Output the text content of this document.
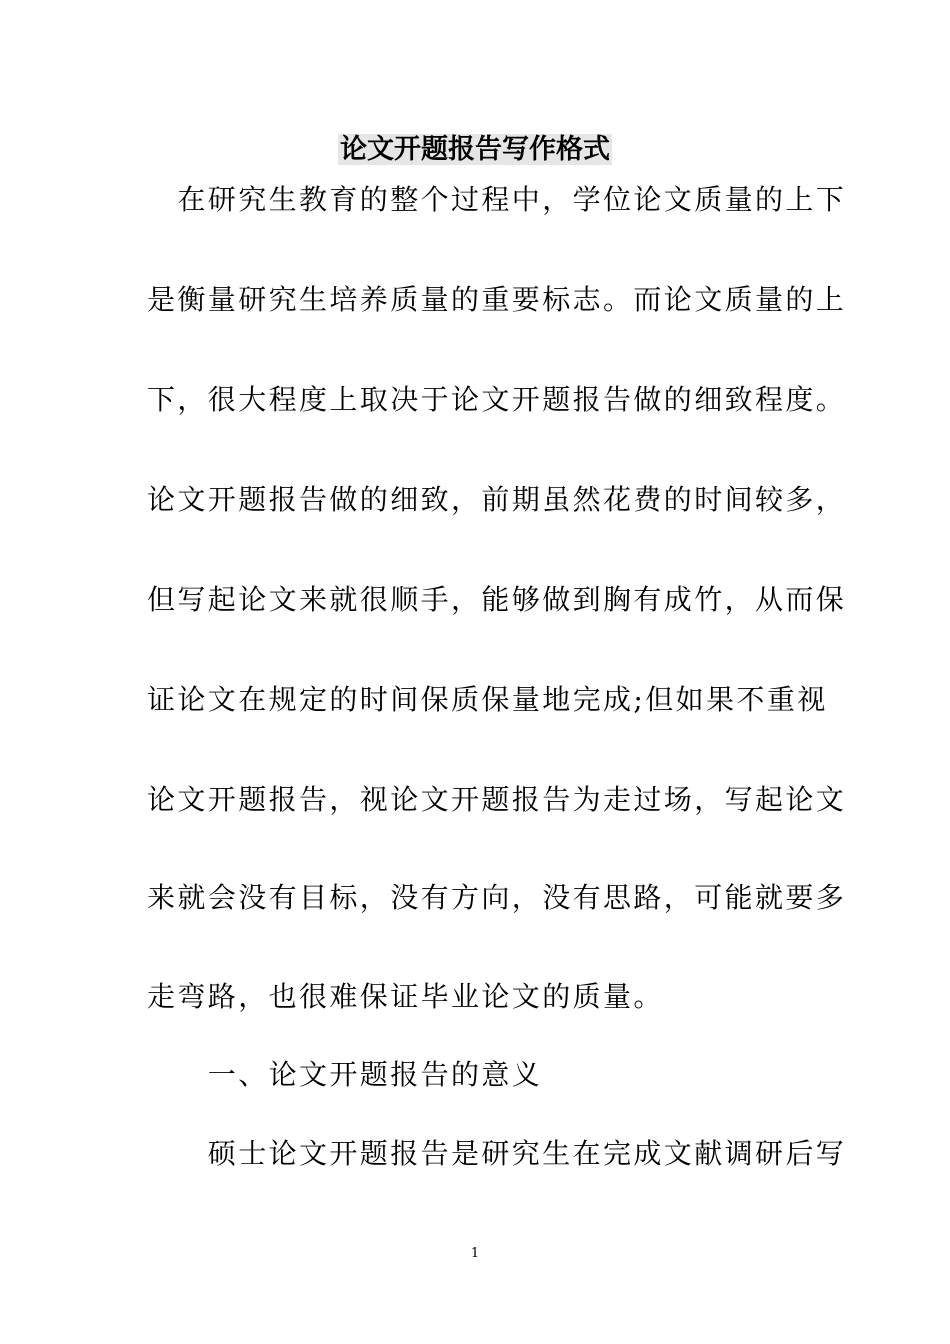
论文开题报告写作格式
　在研究生教育的整个过程中，学位论文质量的上下
是衡量研究生培养质量的重要标志。而论文质量的上
下，很大程度上取决于论文开题报告做的细致程度。
论文开题报告做的细致，前期虽然花费的时间较多，
但写起论文来就很顺手，能够做到胸有成竹，从而保
证论文在规定的时间保质保量地完成;但如果不重视
论文开题报告，视论文开题报告为走过场，写起论文
来就会没有目标，没有方向，没有思路，可能就要多
走弯路，也很难保证毕业论文的质量。
　　一、论文开题报告的意义
　　硕士论文开题报告是研究生在完成文献调研后写
1
